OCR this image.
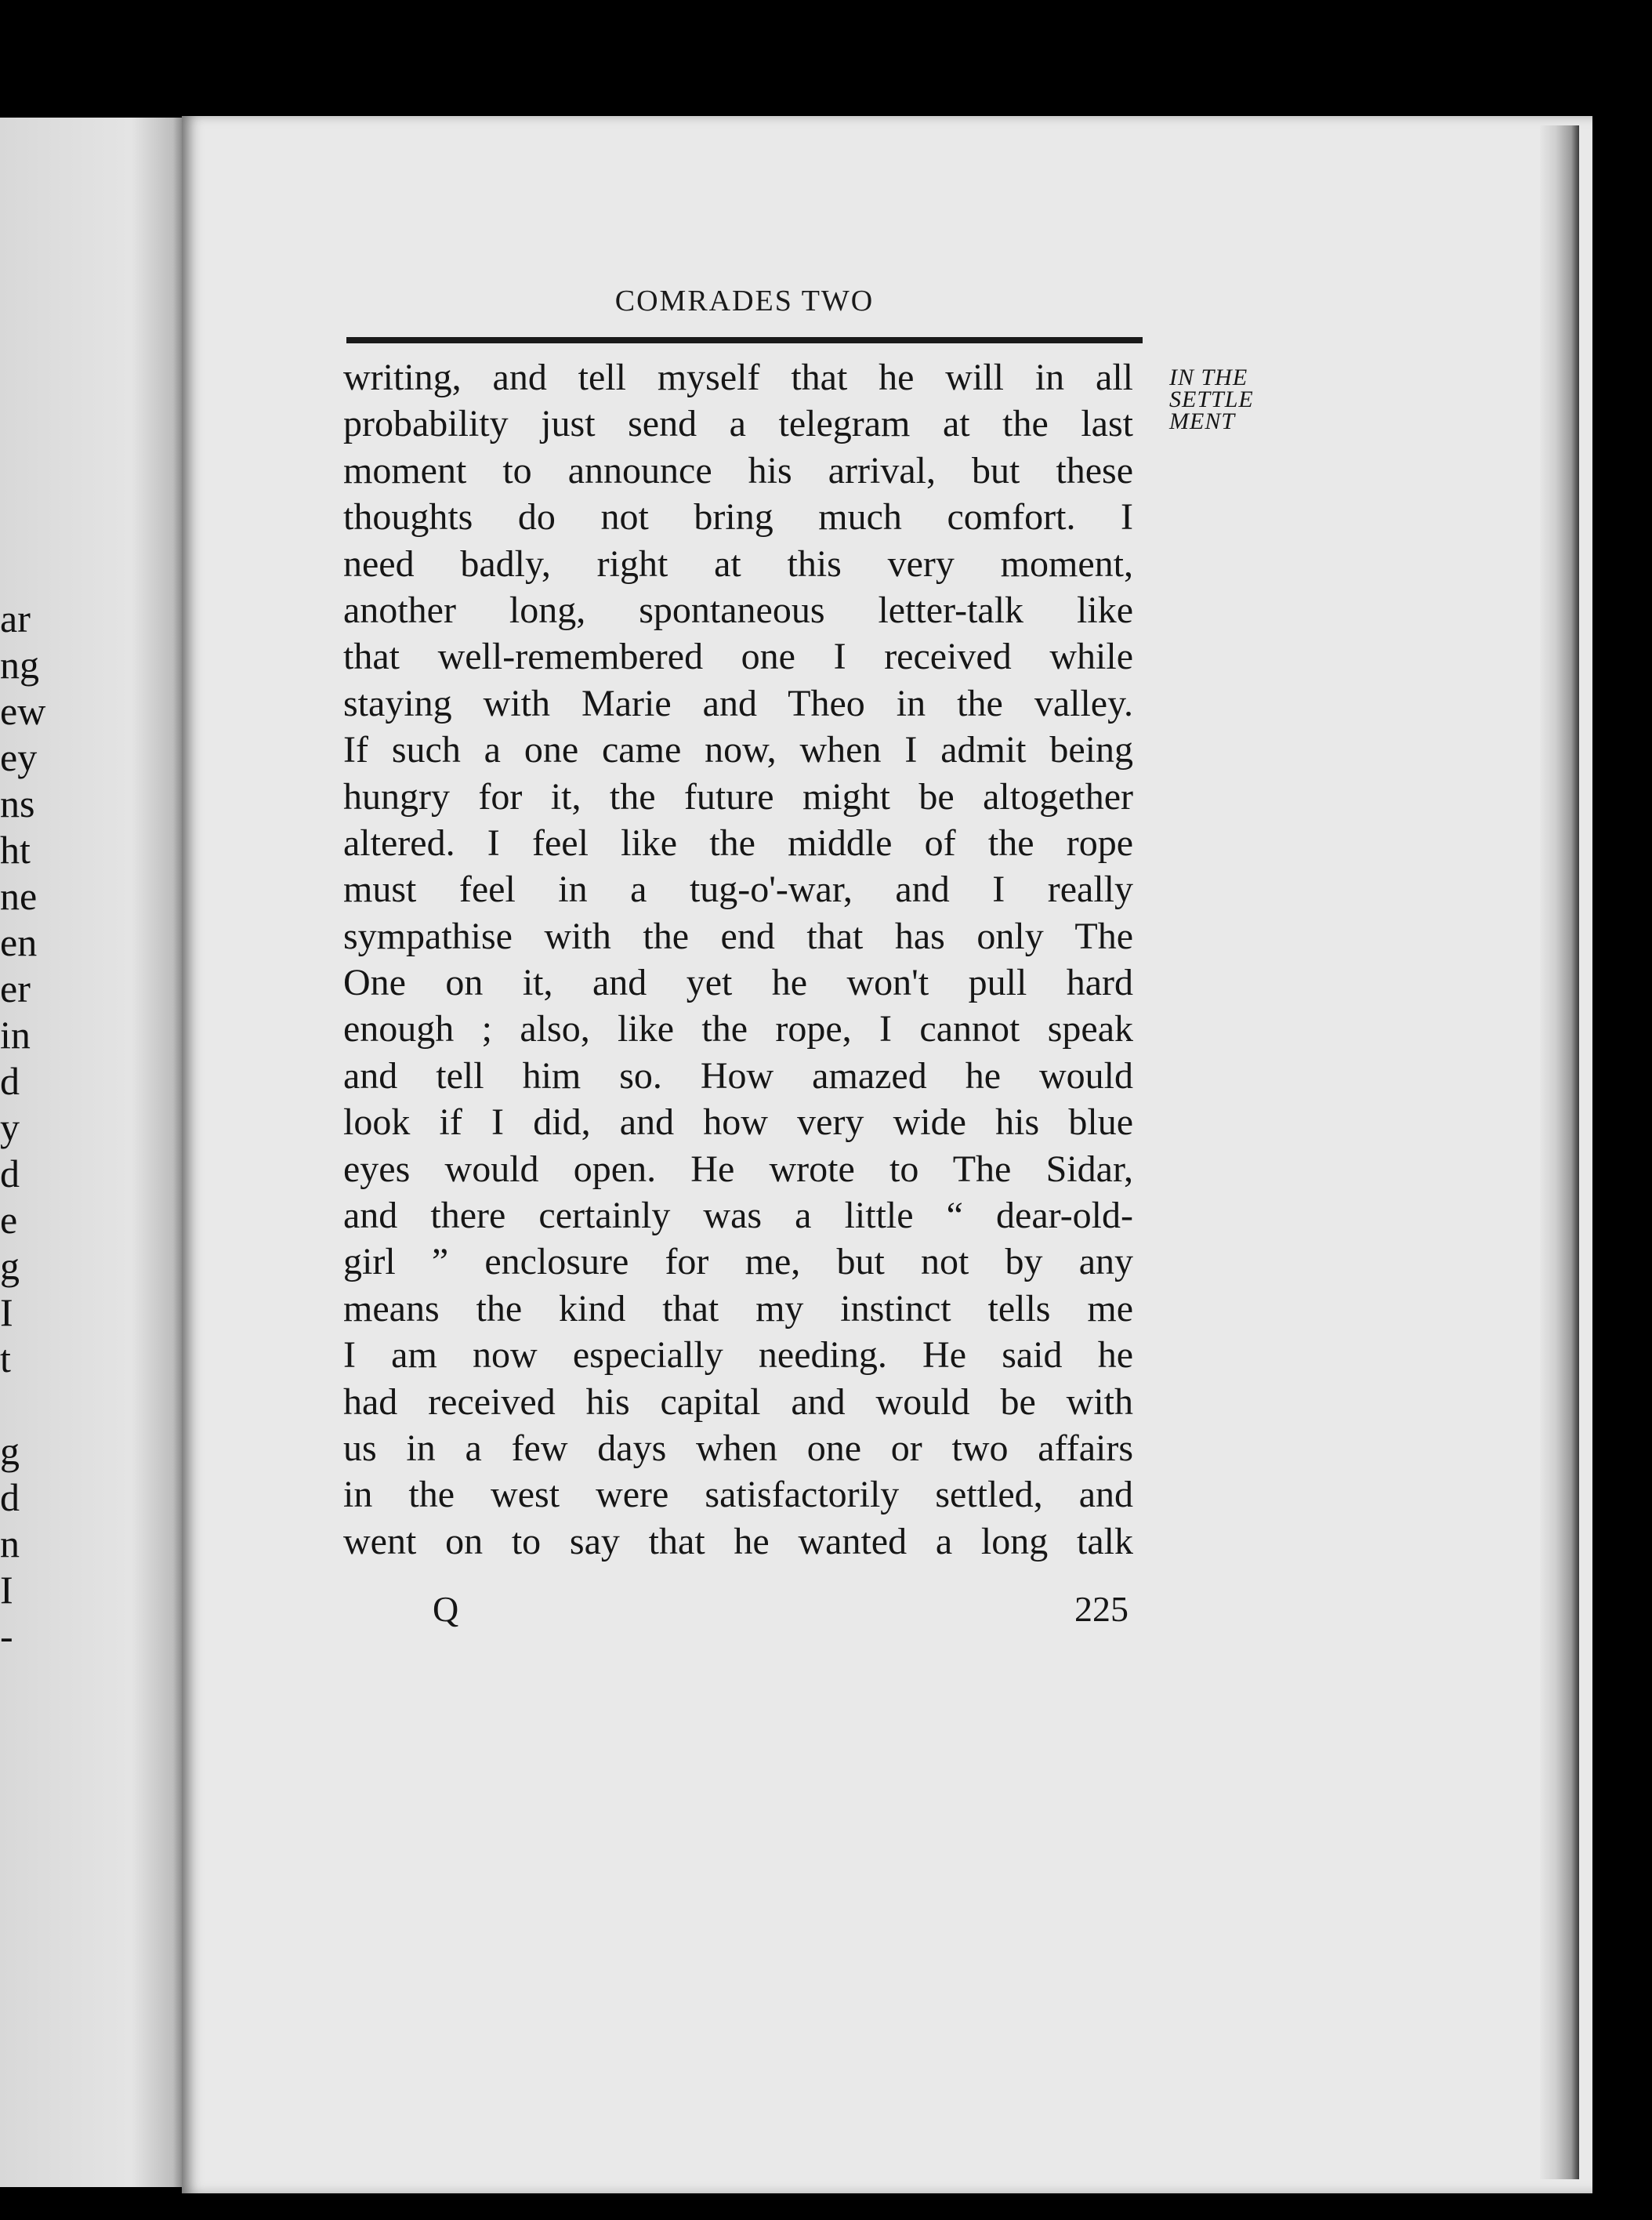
ar
ng
ew
ey
ns
ht
ne
en
er
in
d
y
d
e
g
I
t
g
d
n
I
-
COMRADES TWO
IN THE
SETTLE
MENT
writing, and tell myself that he will in all
probability just send a telegram at the last
moment to announce his arrival, but these
thoughts do not bring much comfort. I
need badly, right at this very moment,
another long, spontaneous letter-talk like
that well-remembered one I received while
staying with Marie and Theo in the valley.
If such a one came now, when I admit being
hungry for it, the future might be altogether
altered. I feel like the middle of the rope
must feel in a tug-o'-war, and I really
sympathise with the end that has only The
One on it, and yet he won't pull hard
enough ; also, like the rope, I cannot speak
and tell him so. How amazed he would
look if I did, and how very wide his blue
eyes would open. He wrote to The Sidar,
and there certainly was a little “ dear-old-
girl ” enclosure for me, but not by any
means the kind that my instinct tells me
I am now especially needing. He said he
had received his capital and would be with
us in a few days when one or two affairs
in the west were satisfactorily settled, and
went on to say that he wanted a long talk
Q	225
